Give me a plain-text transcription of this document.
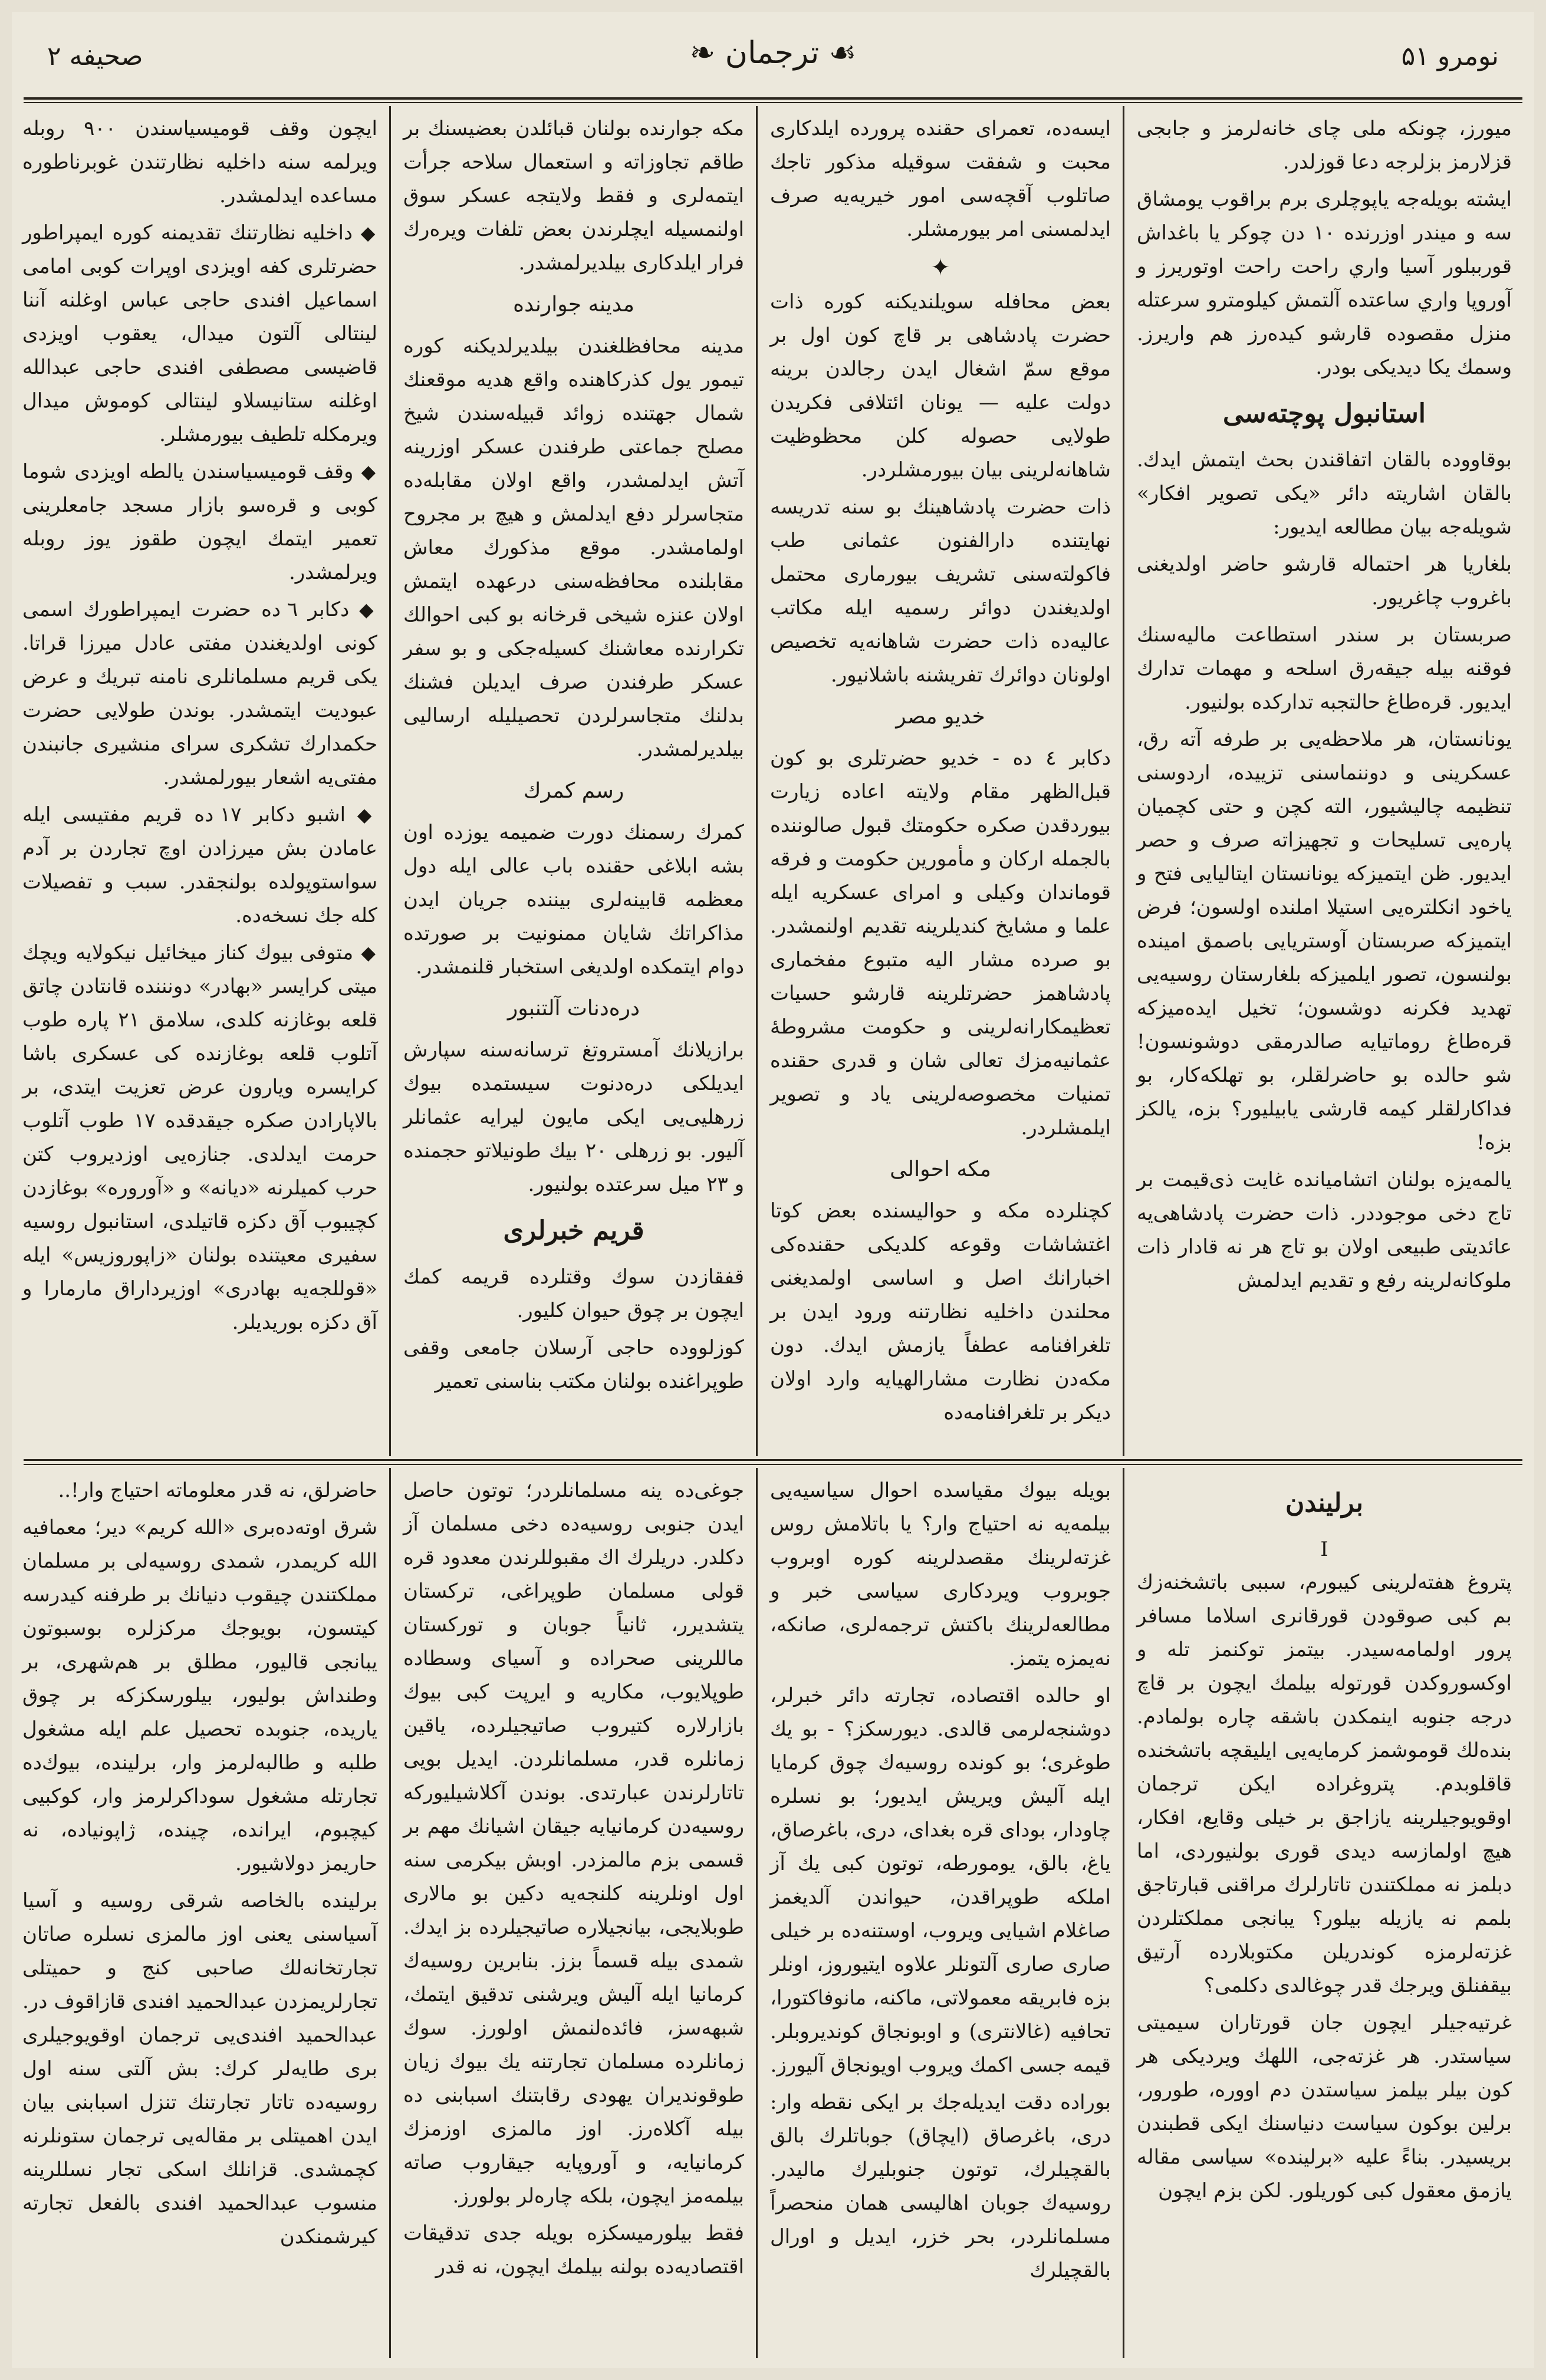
صحيفه ۲	❧ ترجمان ☙	نومرو ۵۱

ميورز، چونكه ملى چاى خانه‌لرمز و جابجى قزلارمز بزلرجه دعا قوزلدر.

ايشته بويله‌جه ياپوچلرى برم براقوب يومشاق سه و ميندر اوزرنده ۱۰ دن چوكر يا باغداش قورببلور آسيا واري راحت راحت اوتوريرز و آوروپا واري ساعتده آلتمش كيلومترو سرعتله منزل مقصوده قارشو كيده‌رز هم واريرز. وسمك يكا ديديكى بودر.

استانبول پوچته‌سى

بوقاووده بالقان اتفاقندن بحث ايتمش ايدك. بالقان اشاريته دائر «يكى تصوير افكار» شويله‌جه بيان مطالعه ايديور:

بلغاريا هر احتماله قارشو حاضر اولديغنى باغروب چاغريور.

صربستان بر سندر استطاعت ماليه‌سنك فوقنه بيله جيقه‌رق اسلحه و مهمات تدارك ايديور. قره‌طاغ حالتجبه تداركده بولنيور.

يونانستان، هر ملاحظه‌يى بر طرفه آته رق، عسكرينى و دوننماسنى تزييده، اردوسنى تنظيمه چاليشيور، الته كچن و حتى كچميان پاره‌يى تسليحات و تجهيزاته صرف و حصر ايديور. ظن ايتميزكه يونانستان ايتاليايى فتح و ياخود انكلتره‌يى استيلا املنده اولسون؛ فرض ايتميزكه صربستان آوستريايى باصمق امينده بولنسون، تصور ايلميزكه بلغارستان روسيه‌يى تهديد فكرنه دوشسون؛ تخيل ايده‌ميزكه قره‌طاغ روماتيايه صالدرمقى دوشونسون! شو حالده بو حاضرلقلر، بو تهلكه‌كار، بو فداكارلقلر كيمه قارشى يابيليور؟ بزه، يالكز بزه!

يالمه‌يزه بولنان اتشاميانده غايت ذى‌قيمت بر تاج دخى موجوددر. ذات حضرت پادشاهى‌يه عائديتى طبيعى اولان بو تاج هر نه قادار ذات ملوكانه‌لرينه رفع و تقديم ايدلمش

ايسه‌ده، تعمراى حقنده پرورده ايلدكارى محبت و شفقت سوقيله مذكور تاجك صاتلوب آقچه‌سى امور خيريه‌يه صرف ايدلمسنى امر بيورمشلر.

✦

بعض محافله سويلنديكنه كوره ذات حضرت پادشاهى بر قاچ كون اول بر موقع سمّ اشغال ايدن رجالدن برينه دولت عليه — يونان ائتلافى فكريدن طولايى حصوله كلن محظوظيت شاهانه‌لرينى بيان بيورمشلردر.

ذات حضرت پادشاهينك بو سنه تدريسه نهايتنده دارالفنون عثمانى طب فاكولته‌سنى تشريف بيورمارى محتمل اولديغندن دوائر رسميه ايله مكاتب عاليه‌ده ذات حضرت شاهانه‌يه تخصيص اولونان دوائرك تفريشنه باشلانيور.

خديو مصر

دكابر ٤ ده - خديو حضرتلرى بو كون قبل‌الظهر مقام ولايته اعاده زيارت بيوردقدن صكره حكومتك قبول صالوننده بالجمله اركان و مأمورين حكومت و فرقه قوماندان وكيلى و امراى عسكريه ايله علما و مشايخ كنديلرينه تقديم اولنمشدر. بو صرده مشار اليه متبوع مفخمارى پادشاهمز حضرتلرينه قارشو حسيات تعظيمكارانه‌لرينى و حكومت مشروطهٔ عثمانيه‌مزك تعالى شان و قدرى حقنده تمنيات مخصوصه‌لرينى ياد و تصوير ايلمشلردر.

مكه احوالى

كچنلرده مكه و حواليسنده بعض كوتا اغتشاشات وقوعه كلديكى حقنده‌كى اخبارانك اصل و اساسى اولمديغنى محلندن داخليه نظارتنه ورود ايدن بر تلغرافنامه عطفاً يازمش ايدك. دون مكه‌دن نظارت مشارالهيايه وارد اولان ديكر بر تلغرافنامه‌ده

مكه جوارنده بولنان قبائلدن بعضيسنك بر طاقم تجاوزاته و استعمال سلاحه جرأت ايتمه‌لرى و فقط ولايتجه عسكر سوق اولنمسيله ايچلرندن بعض تلفات ويره‌رك فرار ايلدكارى بيلديرلمشدر.

مدينه جوارنده

مدينه محافظلغندن بيلديرلديكنه كوره تيمور يول كذركاهنده واقع هديه موقعنك شمال جهتنده زوائد قبيله‌سندن شيخ مصلح جماعتى طرفندن عسكر اوزرينه آتش ايدلمشدر، واقع اولان مقابله‌ده متجاسرلر دفع ايدلمش و هيچ بر مجروح اولمامشدر. موقع مذكورك معاش مقابلنده محافظه‌سنى درعهده ايتمش اولان عنزه شيخى قرخانه بو كبى احوالك تكرارنده معاشنك كسيله‌جكى و بو سفر عسكر طرفندن صرف ايديلن فشنك بدلنك متجاسرلردن تحصيليله ارساليى بيلديرلمشدر.

رسم كمرك

كمرك رسمنك دورت ضميمه يوزده اون بشه ابلاغى حقنده باب عالى ايله دول معظمه قابينه‌لرى بيننده جريان ايدن مذاكراتك شايان ممنونيت بر صورتده دوام ايتمكده اولديغى استخبار قلنمشدر.

دره‌دنات آلتنبور

برازيلانك آمستروتغ ترسانه‌سنه سپارش ايديلكى دره‌دنوت سيستمده بيوك زرهليى‌يى ايكى مايون ليرايه عثمانلر آليور. بو زرهلى ۲۰ بيك طونيلاتو حجمنده و ۲۳ ميل سرعتده بولنيور.

قريم خبرلرى

قفقازدن سوك وقتلرده قريمه كمك ايچون بر چوق حيوان كليور.

كوزلووده حاجى آرسلان جامعى وقفى طوپراغنده بولنان مكتب بناسنى تعمير

ايچون وقف قوميسياسندن ۹۰۰ روبله ويرلمه سنه داخليه نظارتندن غوبرناطوره مساعده ايدلمشدر.

◆ داخليه نظارتنك تقديمنه كوره ايمپراطور حضرتلرى كفه اويزدى اوپرات كوبى امامى اسماعيل افندى حاجى عباس اوغلنه آننا لينتالى آلتون ميدال، يعقوب اويزدى قاضيسى مصطفى افندى حاجى عبدالله اوغلنه ستانيسلاو لينتالى كوموش ميدال ويرمكله تلطيف بيورمشلر.

◆ وقف قوميسياسندن يالطه اويزدى شوما كوبى و قره‌سو بازار مسجد جامعلرينى تعمير ايتمك ايچون طقوز يوز روبله ويرلمشدر.

◆ دكابر ٦ ده حضرت ايمپراطورك اسمى كونى اولديغندن مفتى عادل ميرزا قراتا. يكى قريم مسلمانلرى نامنه تبريك و عرض عبوديت ايتمشدر. بوندن طولايى حضرت حكمدارك تشكرى سراى منشيرى جانبندن مفتى‌يه اشعار بيورلمشدر.

◆ اشبو دكابر ۱۷ ده قريم مفتيسى ايله عامادن بش ميرزادن اوچ تجاردن بر آدم سواستوپولده بولنجقدر. سبب و تفصيلات كله جك نسخه‌ده.

◆ متوفى بيوك كناز ميخائيل نيكولايه ويچك ميتى كرايسر «بهادر» دونننده قانتادن چاتق قلعه بوغازنه كلدى، سلامق ۲۱ پاره طوب آتلوب قلعه بوغازنده كى عسكرى باشا كرايسره ويارون عرض تعزيت ايتدى، بر بالاپارادن صكره جيقدقده ۱۷ طوب آتلوب حرمت ايدلدى. جنازه‌يى اوزديروب كتن حرب كميلرنه «ديانه» و «آوروره» بوغازدن كچيبوب آق دكزه قاتيلدى، استانبول روسيه سفيرى معيتنده بولنان «زاپوروزيس» ايله «قوللجه‌يه بهادرى» اوزيرداراق مارمارا و آق دكزه بوريديلر.

برليندن
I

پتروغ هفته‌لرينى كيبورم، سببى باتشخنه‌زك بم كبى صوقودن قورقانرى اسلاما مسافر پرور اولمامه‌سيدر. بيتمز توكنمز تله و اوكسوروكدن قورتوله بيلمك ايچون بر قاچ درجه جنوبه اينمكدن باشقه چاره بولمادم. بنده‌لك قوموشمز كرمايه‌يى ايليقچه باتشخنده قاقلوبدم. پتروغراده ايكن ترجمان اوقويوجيلرينه يازاجق بر خيلى وقايع، افكار، هيچ اولمازسه ديدى قورى بولنيوردى، اما دبلمز نه مملكتندن تاتارلرك مراقنى قبارتاجق بلمم نه يازيله بيلور؟ يبانجى مملكتلردن غزته‌لرمزه كوندريلن مكتوبلارده آرتيق بيقفنلق ويرجك قدر چوغالدى دكلمى؟

غرتيه‌جيلر ايچون جان قورتاران سيميتى سياستدر. هر غزته‌جى، اللهك ويرديكى هر كون بيلر بيلمز سياستدن دم اووره، طورور، برلين بوكون سياست دنياسنك ايكى قطبندن بريسيدر. بناءً عليه «برلينده» سياسى مقاله يازمق معقول كبى كوريلور. لكن بزم ايچون

بويله بيوك مقياسده احوال سياسيه‌يى بيلمه‌يه نه احتياج وار؟ يا باتلامش روس غزته‌لرينك مقصدلرينه كوره اوبروب جوبروب ويردكارى سياسى خبر و مطالعه‌لرينك باكتش ترجمه‌لرى، صانكه، نه‌يمزه يتمز.

او حالده اقتصاده، تجارته دائر خبرلر، دوشنجه‌لرمى قالدى. ديورسكز؟ - بو يك طوغرى؛ بو كونده روسيه‌ك چوق كرمايا ايله آليش ويريش ايديور؛ بو نسلره چاودار، بوداى قره بغداى، درى، باغرصاق، ياغ، بالق، يومورطه، توتون كبى يك آز املكه طوپراقدن، حيواندن آلديغمز صاغلام اشيايى ويروب، اوستنه‌ده بر خيلى صارى صارى آلتونلر علاوه ايتيوروز، اونلر بزه فابريقه معمولاتى، ماكنه، مانوفاكتورا، تحافيه (غالانترى) و اوبونجاق كونديروبلر. قيمه جسى اكمك ويروب اويونجاق آليورز.

بوراده دقت ايديله‌جك بر ايكى نقطه وار: درى، باغرصاق (ايچاق) جوباتلرك بالق بالقچيلرك، توتون جنوبليرك ماليدر. روسيه‌ك جوبان اهاليسى همان منحصراً مسلمانلردر، بحر خزر، ايديل و اورال بالقچيلرك

جوغى‌ده ينه مسلمانلردر؛ توتون حاصل ايدن جنوبى روسيه‌ده دخى مسلمان آز دكلدر. دريلرك اك مقبوللرندن معدود قره قولى مسلمان طوپراغى، تركستان يتشديرر، ثانياً جوبان و توركستان ماللرينى صحراده و آسياى وسطاده طوپلايوب، مكاريه و ايرپت كبى بيوك بازارلاره كتيروب صاتيجيلرده، ياقين زمانلره قدر، مسلمانلردن. ايديل بويى تاتارلرندن عبارتدى. بوندن آكلاشيليوركه روسيه‌دن كرمانيايه جيقان اشيانك مهم بر قسمى بزم مالمزدر. اوبش بيكرمى سنه اول اونلرينه كلنجه‌يه دكين بو مالارى طوبلايجى، بيانجيلاره صاتيجيلرده بز ايدك. شمدى بيله قسماً بزز. بنابرين روسيه‌ك كرمانيا ايله آليش ويرشنى تدقيق ايتمك، شبهه‌سز، فائده‌لنمش اولورز. سوك زمانلرده مسلمان تجارتنه يك بيوك زيان طوقونديران يهودى رقابتنك اسبابنى ده بيله آكلاه‌رز. اوز مالمزى اوزمزك كرمانيايه، و آوروپايه جيقاروب صاته بيلمه‌مز ايچون، بلكه چاره‌لر بولورز.

فقط بيلورميسكزه بويله جدى تدقيقات اقتصاديه‌ده بولنه بيلمك ايچون، نه قدر

حاضرلق، نه قدر معلوماته احتياج وار!..

شرق اوته‌ده‌برى «الله كريم» دير؛ معمافيه الله كريمدر، شمدى روسيه‌لى بر مسلمان مملكتندن چيقوب دنيانك بر طرفنه كيدرسه كيتسون، بويوجك مركزلره بوسبوتون يبانجى قاليور، مطلق بر هم‌شهرى، بر وطنداش بوليور، بيلورسكزكه بر چوق ياريده، جنوبده تحصيل علم ايله مشغول طلبه و طالبه‌لرمز وار، برلينده، بيوك‌ده تجارتله مشغول سوداكرلرمز وار، كوكبيى كيچبوم، ايرانده، چينده، ژاپونياده، نه حاريمز دولاشيور.

برلينده بالخاصه شرقى روسيه و آسيا آسياسنى يعنى اوز مالمزى نسلره صاتان تجارتخانه‌لك صاحبى كنج و حميتلى تجارلريمزدن عبدالحميد افندى قازاقوف در. عبدالحميد افندى‌يى ترجمان اوقويوجيلرى برى طايه‌لر كرك: بش آلتى سنه اول روسيه‌ده تاتار تجارتنك تنزل اسبابنى بيان ايدن اهميتلى بر مقاله‌يى ترجمان ستونلرنه كچمشدى. قزانلك اسكى تجار نسللرينه منسوب عبدالحميد افندى بالفعل تجارته كيرشمنكدن
